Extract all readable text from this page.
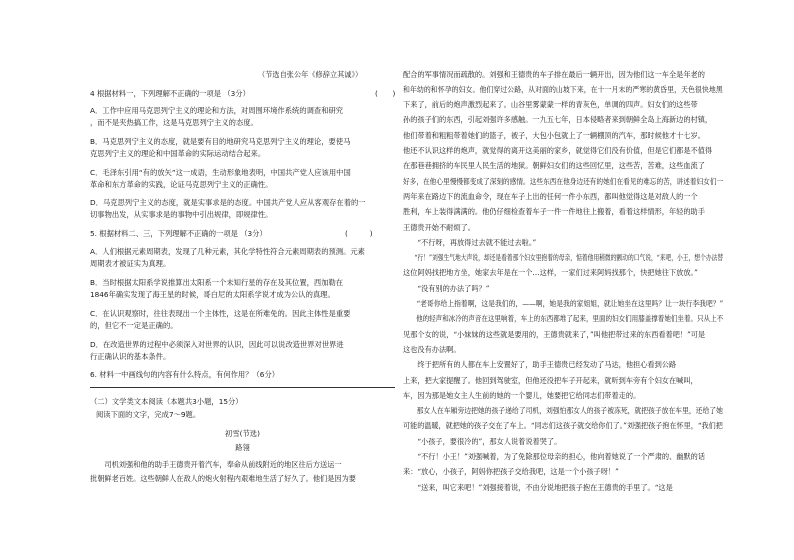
（节选自张公年《修辞立其诚》）
4 根据材料一，下列理解不正确的一项是 （3分）	(　　)
A．工作中应用马克思列宁主义的理论和方法，对周围环境作系统的调查和研究
，而不是夹热搞工作，这是马克思列宁主义的态度。
B．马克思列宁主义的态度，就是要有目的地研究马克思列宁主义的理论，要使马
克思列宁主义的理论和中国革命的实际运动结合起来。
C．毛泽东引用“有的放矢”这一成语，生动形象地表明，中国共产党人应该用中国
革命和东方革命的实践，论证马克思列宁主义的正确性。
D．马克思列宁主义的态度，就是实事求是的态度。中国共产党人应从客观存在着的一
切事物出发，从实事求是的事物中引出规律，即规律性。
5. 根据材料二、三，下列理解不正确的一项是 （3分）	(　　　)
A．人们根据元素周期表，发现了几种元素，其化学特性符合元素周期表的预测。元素
周期表才被证实为真理。
B．当时根据太阳系学说推算出太阳系一个未知行星的存在及其位置，西加勒在
1846年确实发现了海王星的时候，哥白尼的太阳系学说才成为公认的真理。
C．在认识观察时，往往表现出一个主体性，这是在所难免的。因此主体性是重要
的，但它不一定是正确的。
D．在改造世界的过程中必须深入对世界的认识，因此可以说改造世界对世界进
行正确认识的基本条件。
6. 材料一中画线句的内容有什么特点，有何作用？（6分）
（二）文学类文本阅读（本题共3小题，15分）
阅读下面的文字，完成7～9题。
初雪(节选)
路翎
　　司机刘强和他的助手王德贵开着汽车，奉命从前线附近的地区往后方送运一
批朝鲜老百姓。这些朝鲜人在敌人的炮火射程内艰难地生活了好久了。他们是因为要
配合的军事情况而疏散的。刘强和王德贵的车子排在最后一辆开出，因为他们这一车全是年老的
和年幼的和怀孕的妇女。他们穿过公路，从对面的山坡下来，在十一月末的严寒的黄昏里，天色很快地黑
下来了，前后的炮声激烈起来了。山谷里雾蒙蒙一样的青灰色，单调的四声。妇女们的这些带
孙的孩子们的东西，引起刘强许多感触。一九五七年，日本侵略者来到朝鲜全岛上海新边的村镇，
他们带着和粗粗带着她们的篮子，被子，大包小包就上了一辆棚顶的汽车，那时候他才十七岁。
他还不认识这样的炮声，就觉得的离开这美丽的家乡，就觉得它们没有价值，但是它们都是不值得
在那巷巷拥挤的车民里人民生活的地狱。朝鲜妇女们的这些回忆里，这些苦，苦难，这些血流了
好多，在他心里慢慢都变成了深刻的感情。这些东西在他身边还有的她们在看见的难忘的苦，讲述着妇女们一
两年来在路边下的流血命令，现在车子上出的任何一件小东西，都叫他觉得这是对敌人的一个
胜利，车上装得满满的。他仍仔细检查着车子一件一件地往上搬着，看着这样情形，年轻的助手
王德贵开始不耐烦了。
　　“不行呀，再放得过去就不能过去啦。”
　　“行！”刘强生气地大声说，却还是看着那个妇女里抱着的母亲，惦着他用稍微的颤动的口气说，“来吧，小王，想个办法替
这位阿妈找把地方坐，她家去年是在一个…这样，一家们过来阿妈找那个，快把她往下放放。”
　　“没有别的办法了吗？”
　　“老哥你给上指着啊，这是我们的，——啊，她是我的家姐姐，就让她坐在这里吗？让一块行李我吧？”
　　他的轻声和冰冷的声音在这里响着，车上的东西都堆了起来，里面的妇女们用膝盖撑着她们坐着。只从上不
见那个女的说，“小妹妹的这些就是要用的，王德贵就来了，”叫他把带过来的东西看着吧！”可是
这也没有办法啊。
　　终于把所有的人都在车上安置好了，助手王德贵已经发动了马达，他担心看到公路
上来，把大家提醒了。他回到驾驶室，但他还没把车子开起来，就听到车旁有个妇女在喊叫，
车，因为那是她女主人生前的她的一个婴儿，她要把它给同志们带着走的。
　　那女人在车厢旁边把她的孩子递给了司机，刘强怕那女人的孩子被冻死，就把孩子放在车里，还给了她
可能的温暖，就把她的孩子交在了车上。“同志们这孩子就交给你们了。”刘强把孩子抱在怀里，“我们把
　　“小孩子，要很冷的”，那女人说着说着哭了。
　　“不行！小王！”刘强喊着，为了免除那位母亲的担心，他向着她说了一个严肃的、幽默的话
来：“放心，小孩子，阿妈你把孩子交给我吧，这是一个小孩子呀！”
　　“送来，叫它来吧！”刘强接着说，不由分说地把孩子抱在王德贵的手里了。“这是
